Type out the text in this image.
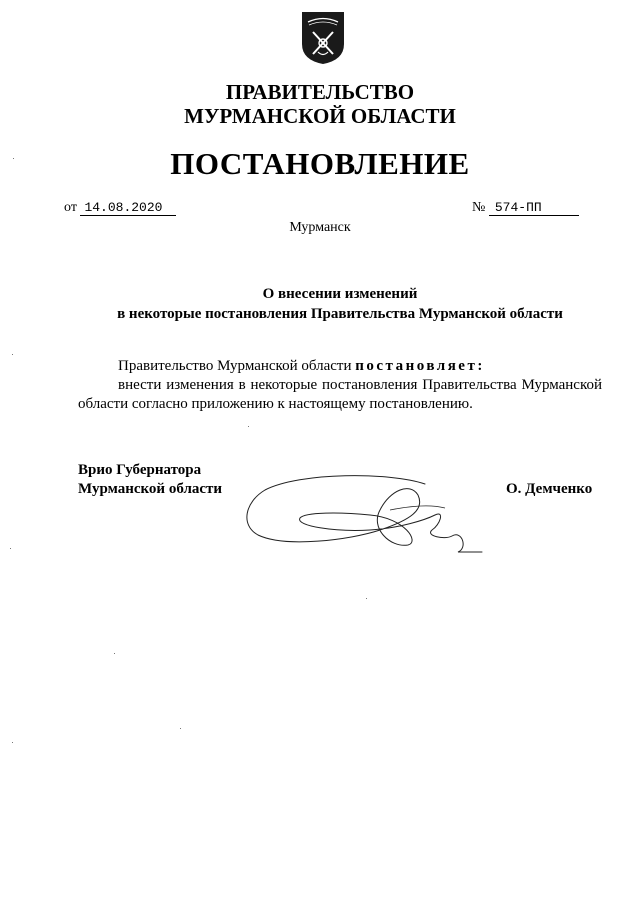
ПРАВИТЕЛЬСТВО
МУРМАНСКОЙ ОБЛАСТИ
ПОСТАНОВЛЕНИЕ
от 14.08.2020	№ 574-ПП
Мурманск
О внесении изменений
в некоторые постановления Правительства Мурманской области
Правительство Мурманской области постановляет:
внести изменения в некоторые постановления Правительства Мурманской области согласно приложению к настоящему постановлению.
Врио Губернатора
Мурманской области	О. Демченко
